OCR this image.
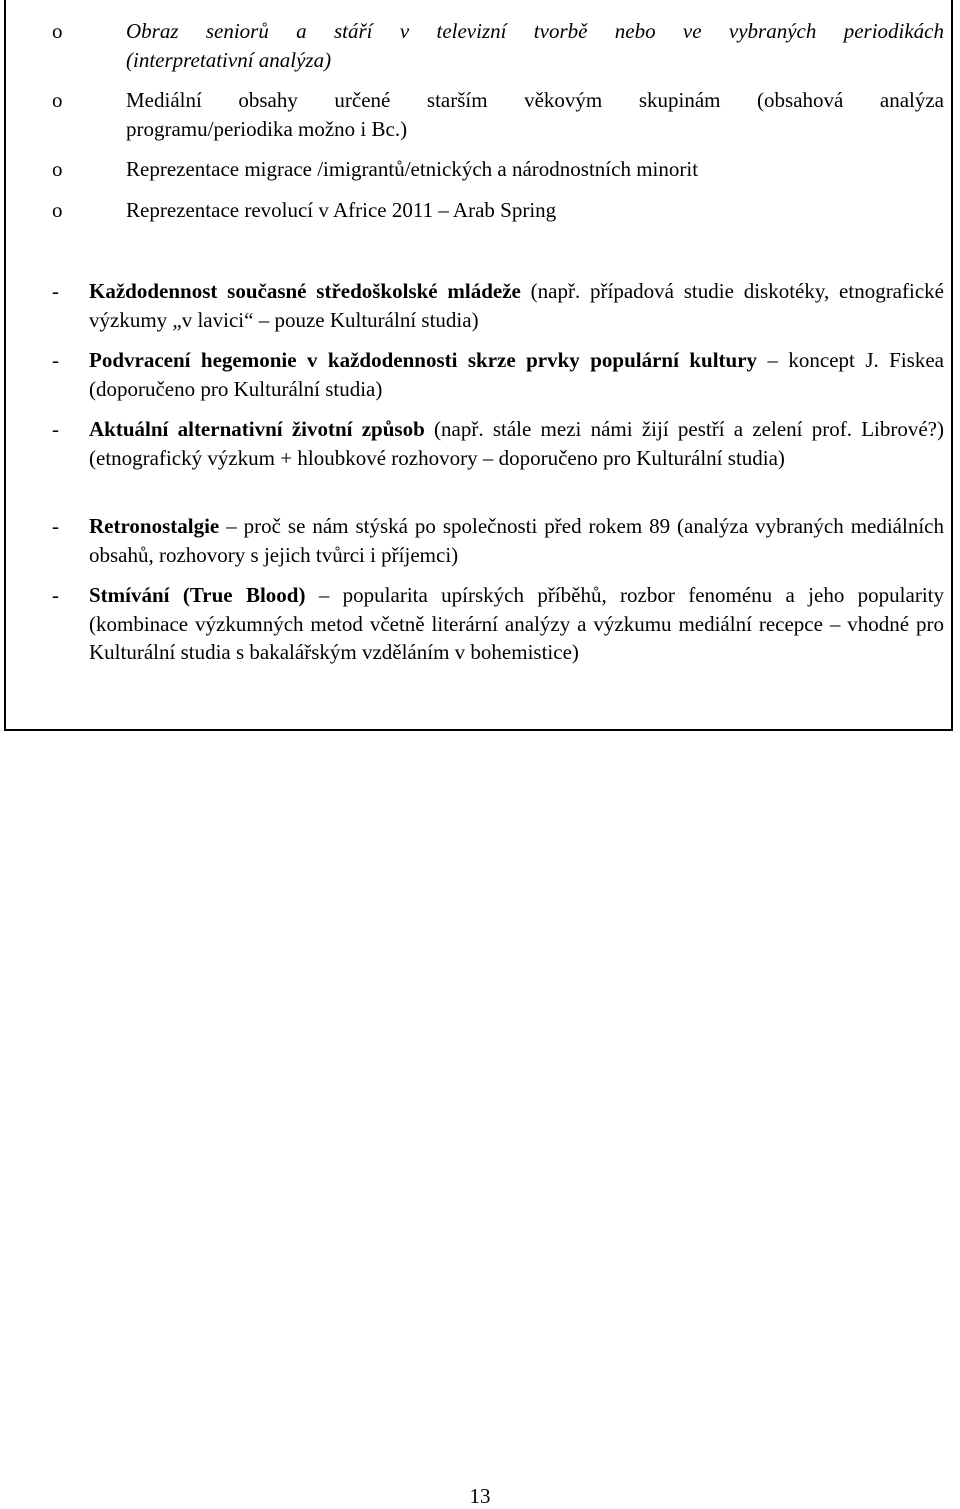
o	Obraz seniorů a stáří v televizní tvorbě nebo ve vybraných periodikách
(interpretativní analýza)
o	Mediální obsahy určené starším věkovým skupinám (obsahová analýza
programu/periodika možno i Bc.)
o	Reprezentace migrace /imigrantů/etnických a národnostních minorit
o	Reprezentace revolucí v Africe 2011 – Arab Spring
- Každodennost současné středoškolské mládeže (např. případová studie diskotéky, etnografické výzkumy „v lavici“ – pouze Kulturální studia)
- Podvracení hegemonie v každodennosti skrze prvky populární kultury – koncept J. Fiskea (doporučeno pro Kulturální studia)
- Aktuální alternativní životní způsob (např. stále mezi námi žijí pestří a zelení prof. Librové?) (etnografický výzkum + hloubkové rozhovory – doporučeno pro Kulturální studia)
- Retronostalgie – proč se nám stýská po společnosti před rokem 89 (analýza vybraných mediálních obsahů, rozhovory s jejich tvůrci i příjemci)
- Stmívání (True Blood) – popularita upírských příběhů, rozbor fenoménu a jeho popularity (kombinace výzkumných metod včetně literární analýzy a výzkumu mediální recepce – vhodné pro Kulturální studia s bakalářským vzděláním v bohemistice)
13
